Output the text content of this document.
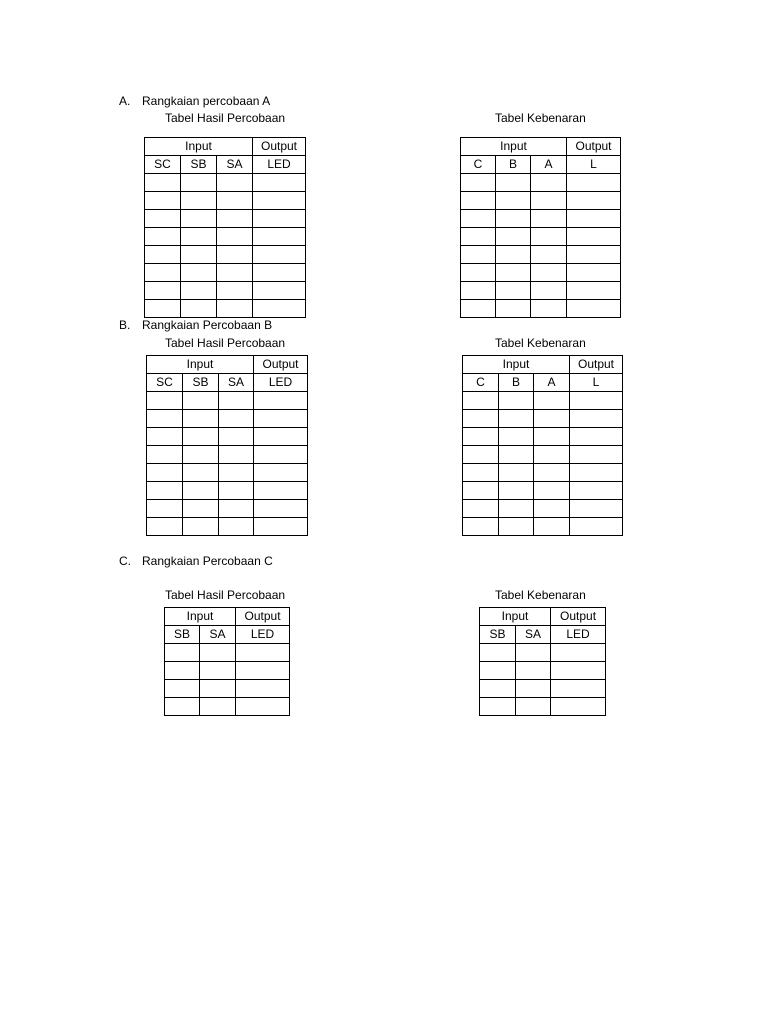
A. Rangkaian percobaan A
Tabel Hasil Percobaan	Tabel Kebenaran
Input			Output
SC	SB	SA	LED

Input			Output
C	B	A	L

B. Rangkaian Percobaan B
Tabel Hasil Percobaan	Tabel Kebenaran
Input			Output
SC	SB	SA	LED

Input			Output
C	B	A	L

C. Rangkaian Percobaan C
Tabel Hasil Percobaan	Tabel Kebenaran
Input		Output
SB	SA	LED

Input		Output
SB	SA	LED
